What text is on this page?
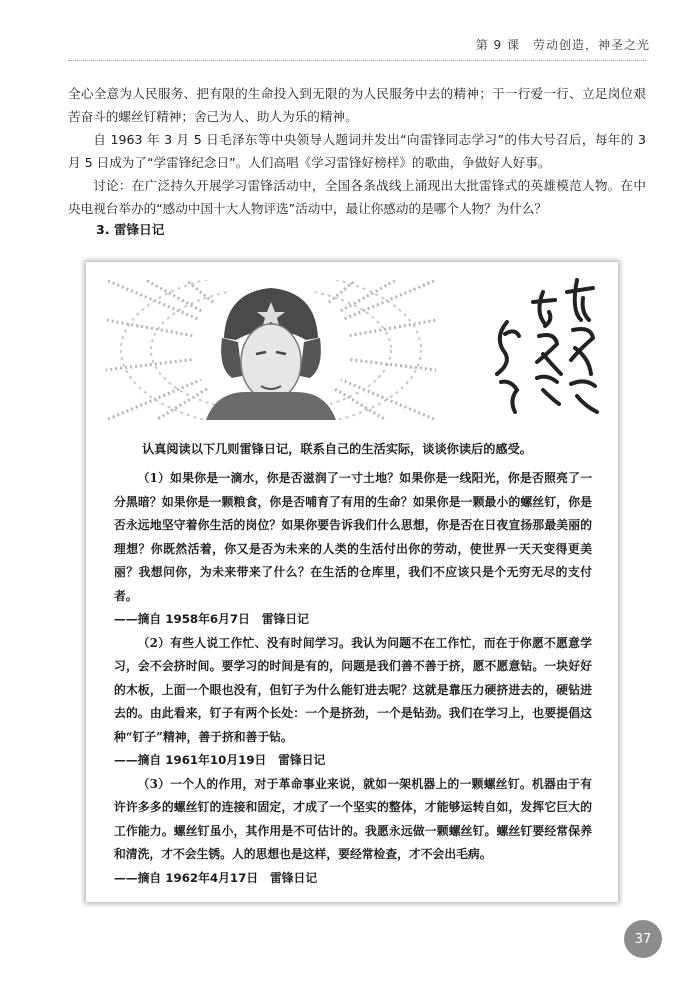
第 9 课　劳动创造，神圣之光

全心全意为人民服务、把有限的生命投入到无限的为人民服务中去的精神；干一行爱一行、立足岗位艰苦奋斗的螺丝钉精神；舍己为人、助人为乐的精神。

自 1963 年 3 月 5 日毛泽东等中央领导人题词并发出“向雷锋同志学习”的伟大号召后，每年的 3 月 5 日成为了“学雷锋纪念日”。人们高唱《学习雷锋好榜样》的歌曲，争做好人好事。

讨论：在广泛持久开展学习雷锋活动中，全国各条战线上涌现出大批雷锋式的英雄模范人物。在中央电视台举办的“感动中国十大人物评选”活动中，最让你感动的是哪个人物？为什么？

3. 雷锋日记
向雷锋同志学习 毛泽东
认真阅读以下几则雷锋日记，联系自己的生活实际，谈谈你读后的感受。

（1）如果你是一滴水，你是否滋润了一寸土地？如果你是一线阳光，你是否照亮了一分黑暗？如果你是一颗粮食，你是否哺育了有用的生命？如果你是一颗最小的螺丝钉，你是否永远地坚守着你生活的岗位？如果你要告诉我们什么思想，你是否在日夜宣扬那最美丽的理想？你既然活着，你又是否为未来的人类的生活付出你的劳动，使世界一天天变得更美丽？我想问你，为未来带来了什么？在生活的仓库里，我们不应该只是个无穷无尽的支付者。

——摘自 1958年6月7日　雷锋日记

（2）有些人说工作忙、没有时间学习。我认为问题不在工作忙，而在于你愿不愿意学习，会不会挤时间。要学习的时间是有的，问题是我们善不善于挤，愿不愿意钻。一块好好的木板，上面一个眼也没有，但钉子为什么能钉进去呢？这就是靠压力硬挤进去的，硬钻进去的。由此看来，钉子有两个长处：一个是挤劲，一个是钻劲。我们在学习上，也要提倡这种“钉子”精神，善于挤和善于钻。

——摘自 1961年10月19日　雷锋日记

（3）一个人的作用，对于革命事业来说，就如一架机器上的一颗螺丝钉。机器由于有许许多多的螺丝钉的连接和固定，才成了一个坚实的整体，才能够运转自如，发挥它巨大的工作能力。螺丝钉虽小，其作用是不可估计的。我愿永远做一颗螺丝钉。螺丝钉要经常保养和清洗，才不会生锈。人的思想也是这样，要经常检查，才不会出毛病。

——摘自 1962年4月17日　雷锋日记

37
